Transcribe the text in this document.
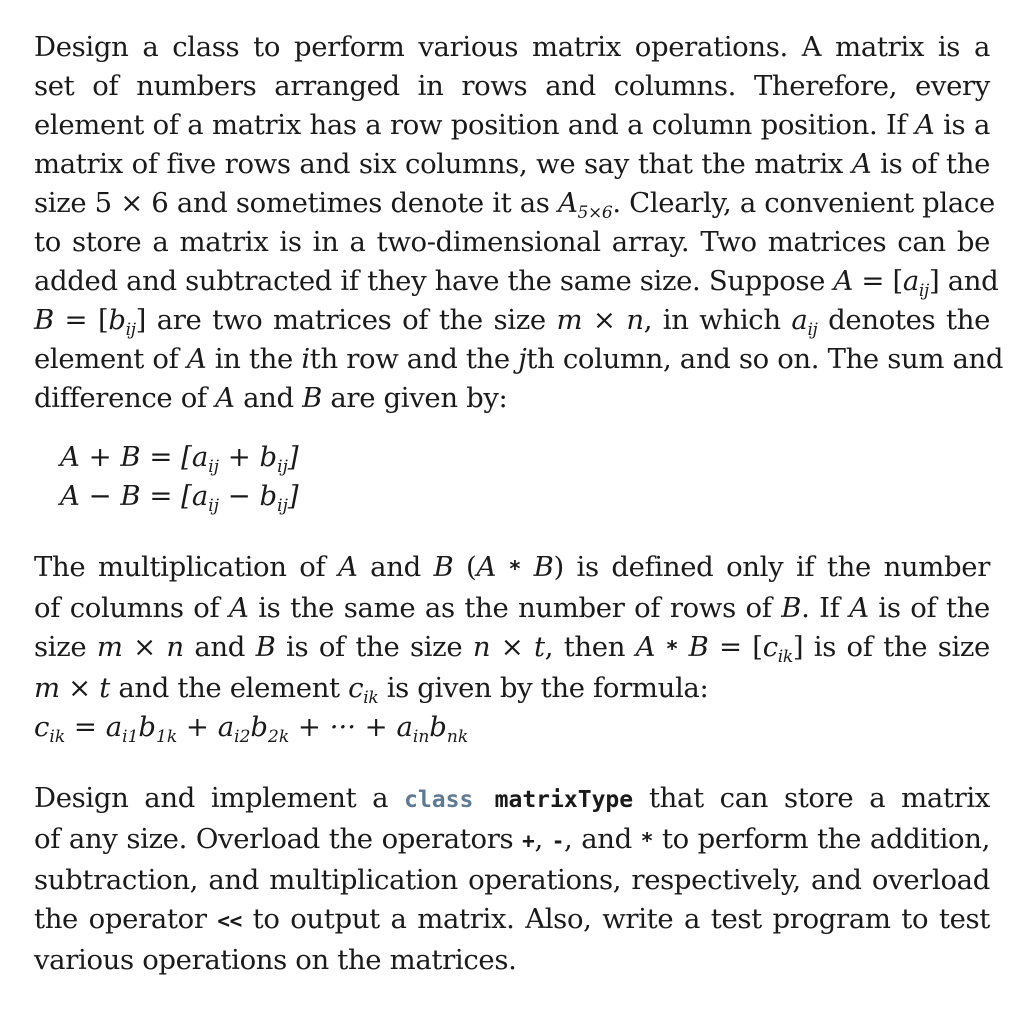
Design a class to perform various matrix operations. A matrix is a
set of numbers arranged in rows and columns. Therefore, every
element of a matrix has a row position and a column position. If A is a
matrix of five rows and six columns, we say that the matrix A is of the
size 5 × 6 and sometimes denote it as $A_{5\times 6}$. Clearly, a convenient place
to store a matrix is in a two-dimensional array. Two matrices can be
added and subtracted if they have the same size. Suppose $A = [a_{ij}]$ and
$B = [b_{ij}]$ are two matrices of the size m × n, in which $a_{ij}$ denotes the
element of A in the ith row and the jth column, and so on. The sum and
difference of A and B are given by:

$A + B = [a_{ij} + b_{ij}]$

$A - B = [a_{ij} - b_{ij}]$

The multiplication of A and B (A * B) is defined only if the number
of columns of A is the same as the number of rows of B. If A is of the
size m × n and B is of the size n × t, then $A * B = [c_{ik}]$ is of the size
m × t and the element $c_{ik}$ is given by the formula:

$c_{ik} = a_{i1}b_{1k} + a_{i2}b_{2k}$ + ··· + $a_{in}b_{nk}$

Design and implement a class matrixType that can store a matrix
of any size. Overload the operators +, -, and * to perform the addition,
subtraction, and multiplication operations, respectively, and overload
the operator << to output a matrix. Also, write a test program to test
various operations on the matrices.
